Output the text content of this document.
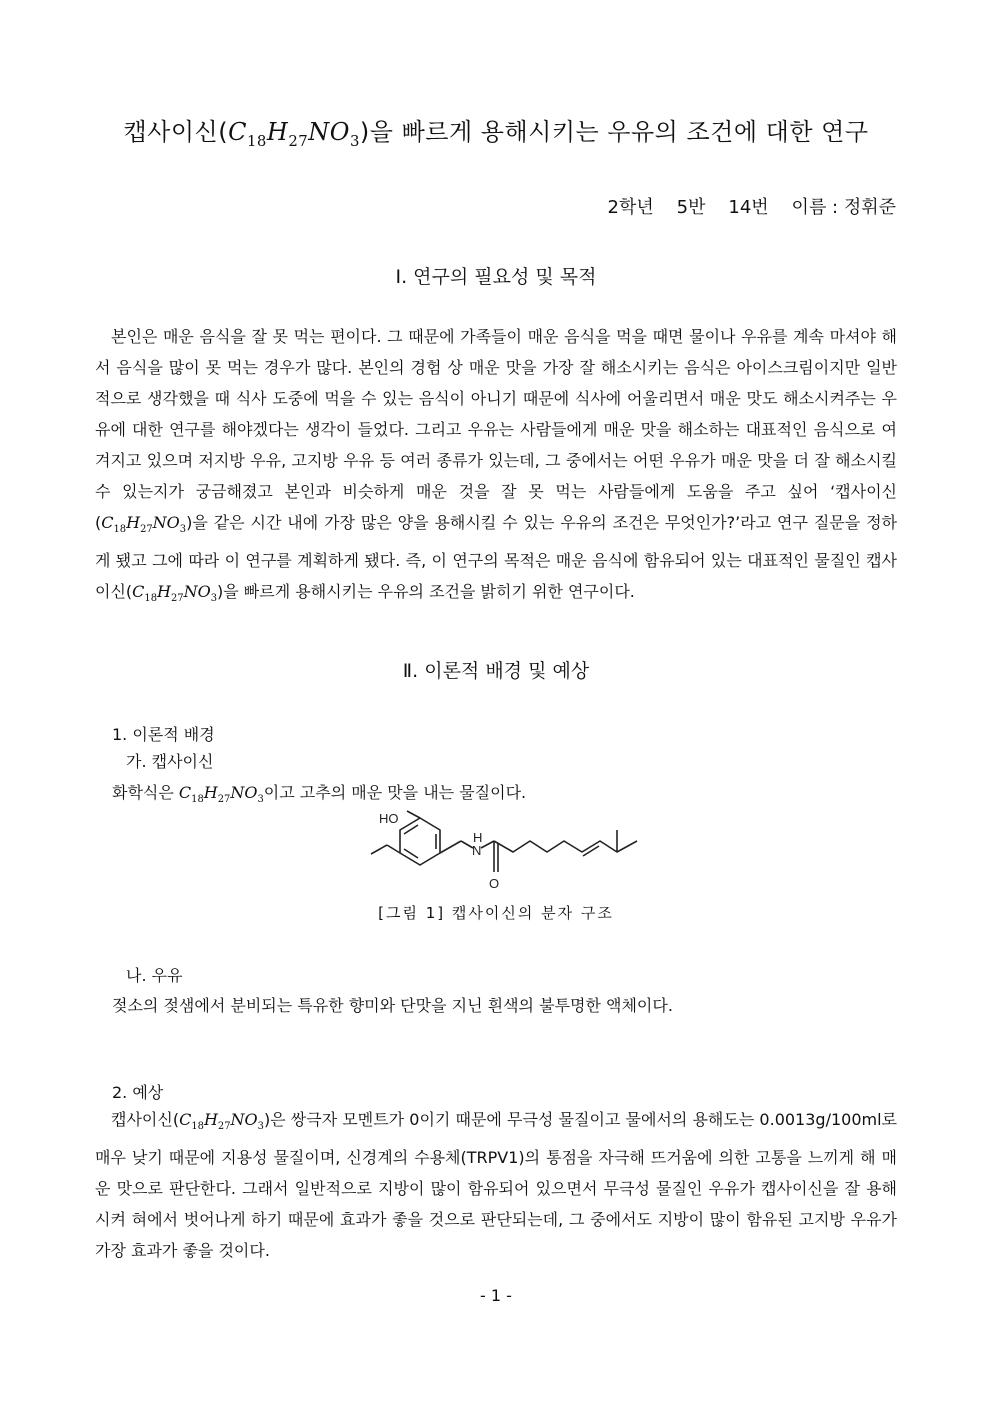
캡사이신$(C_{18}H_{27}NO_3)$을 빠르게 용해시키는 우유의 조건에 대한 연구
2학년    5반    14번    이름 : 정휘준
Ⅰ. 연구의 필요성 및 목적

본인은 매운 음식을 잘 못 먹는 편이다. 그 때문에 가족들이 매운 음식을 먹을 때면 물이나 우유를 계속 마셔야 해서 음식을 많이 못 먹는 경우가 많다. 본인의 경험 상 매운 맛을 가장 잘 해소시키는 음식은 아이스크림이지만 일반적으로 생각했을 때 식사 도중에 먹을 수 있는 음식이 아니기 때문에 식사에 어울리면서 매운 맛도 해소시켜주는 우유에 대한 연구를 해야겠다는 생각이 들었다. 그리고 우유는 사람들에게 매운 맛을 해소하는 대표적인 음식으로 여겨지고 있으며 저지방 우유, 고지방 우유 등 여러 종류가 있는데, 그 중에서는 어떤 우유가 매운 맛을 더 잘 해소시킬 수 있는지가 궁금해졌고 본인과 비슷하게 매운 것을 잘 못 먹는 사람들에게 도움을 주고 싶어 ‘캡사이신$(C_{18}H_{27}NO_3)$을 같은 시간 내에 가장 많은 양을 용해시킬 수 있는 우유의 조건은 무엇인가?’라고 연구 질문을 정하게 됐고 그에 따라 이 연구를 계획하게 됐다. 즉, 이 연구의 목적은 매운 음식에 함유되어 있는 대표적인 물질인 캡사이신$(C_{18}H_{27}NO_3)$을 빠르게 용해시키는 우유의 조건을 밝히기 위한 연구이다.

Ⅱ. 이론적 배경 및 예상
1. 이론적 배경
가. 캡사이신
화학식은 $C_{18}H_{27}NO_3$이고 고추의 매운 맛을 내는 물질이다.
HO
H
N
O
[그림 1] 캡사이신의 분자 구조
나. 우유
젖소의 젖샘에서 분비되는 특유한 향미와 단맛을 지닌 흰색의 불투명한 액체이다.
2. 예상

캡사이신$(C_{18}H_{27}NO_3)$은 쌍극자 모멘트가 0이기 때문에 무극성 물질이고 물에서의 용해도는 0.0013g/100ml로 매우 낮기 때문에 지용성 물질이며, 신경계의 수용체(TRPV1)의 통점을 자극해 뜨거움에 의한 고통을 느끼게 해 매운 맛으로 판단한다. 그래서 일반적으로 지방이 많이 함유되어 있으면서 무극성 물질인 우유가 캡사이신을 잘 용해시켜 혀에서 벗어나게 하기 때문에 효과가 좋을 것으로 판단되는데, 그 중에서도 지방이 많이 함유된 고지방 우유가 가장 효과가 좋을 것이다.

- 1 -
